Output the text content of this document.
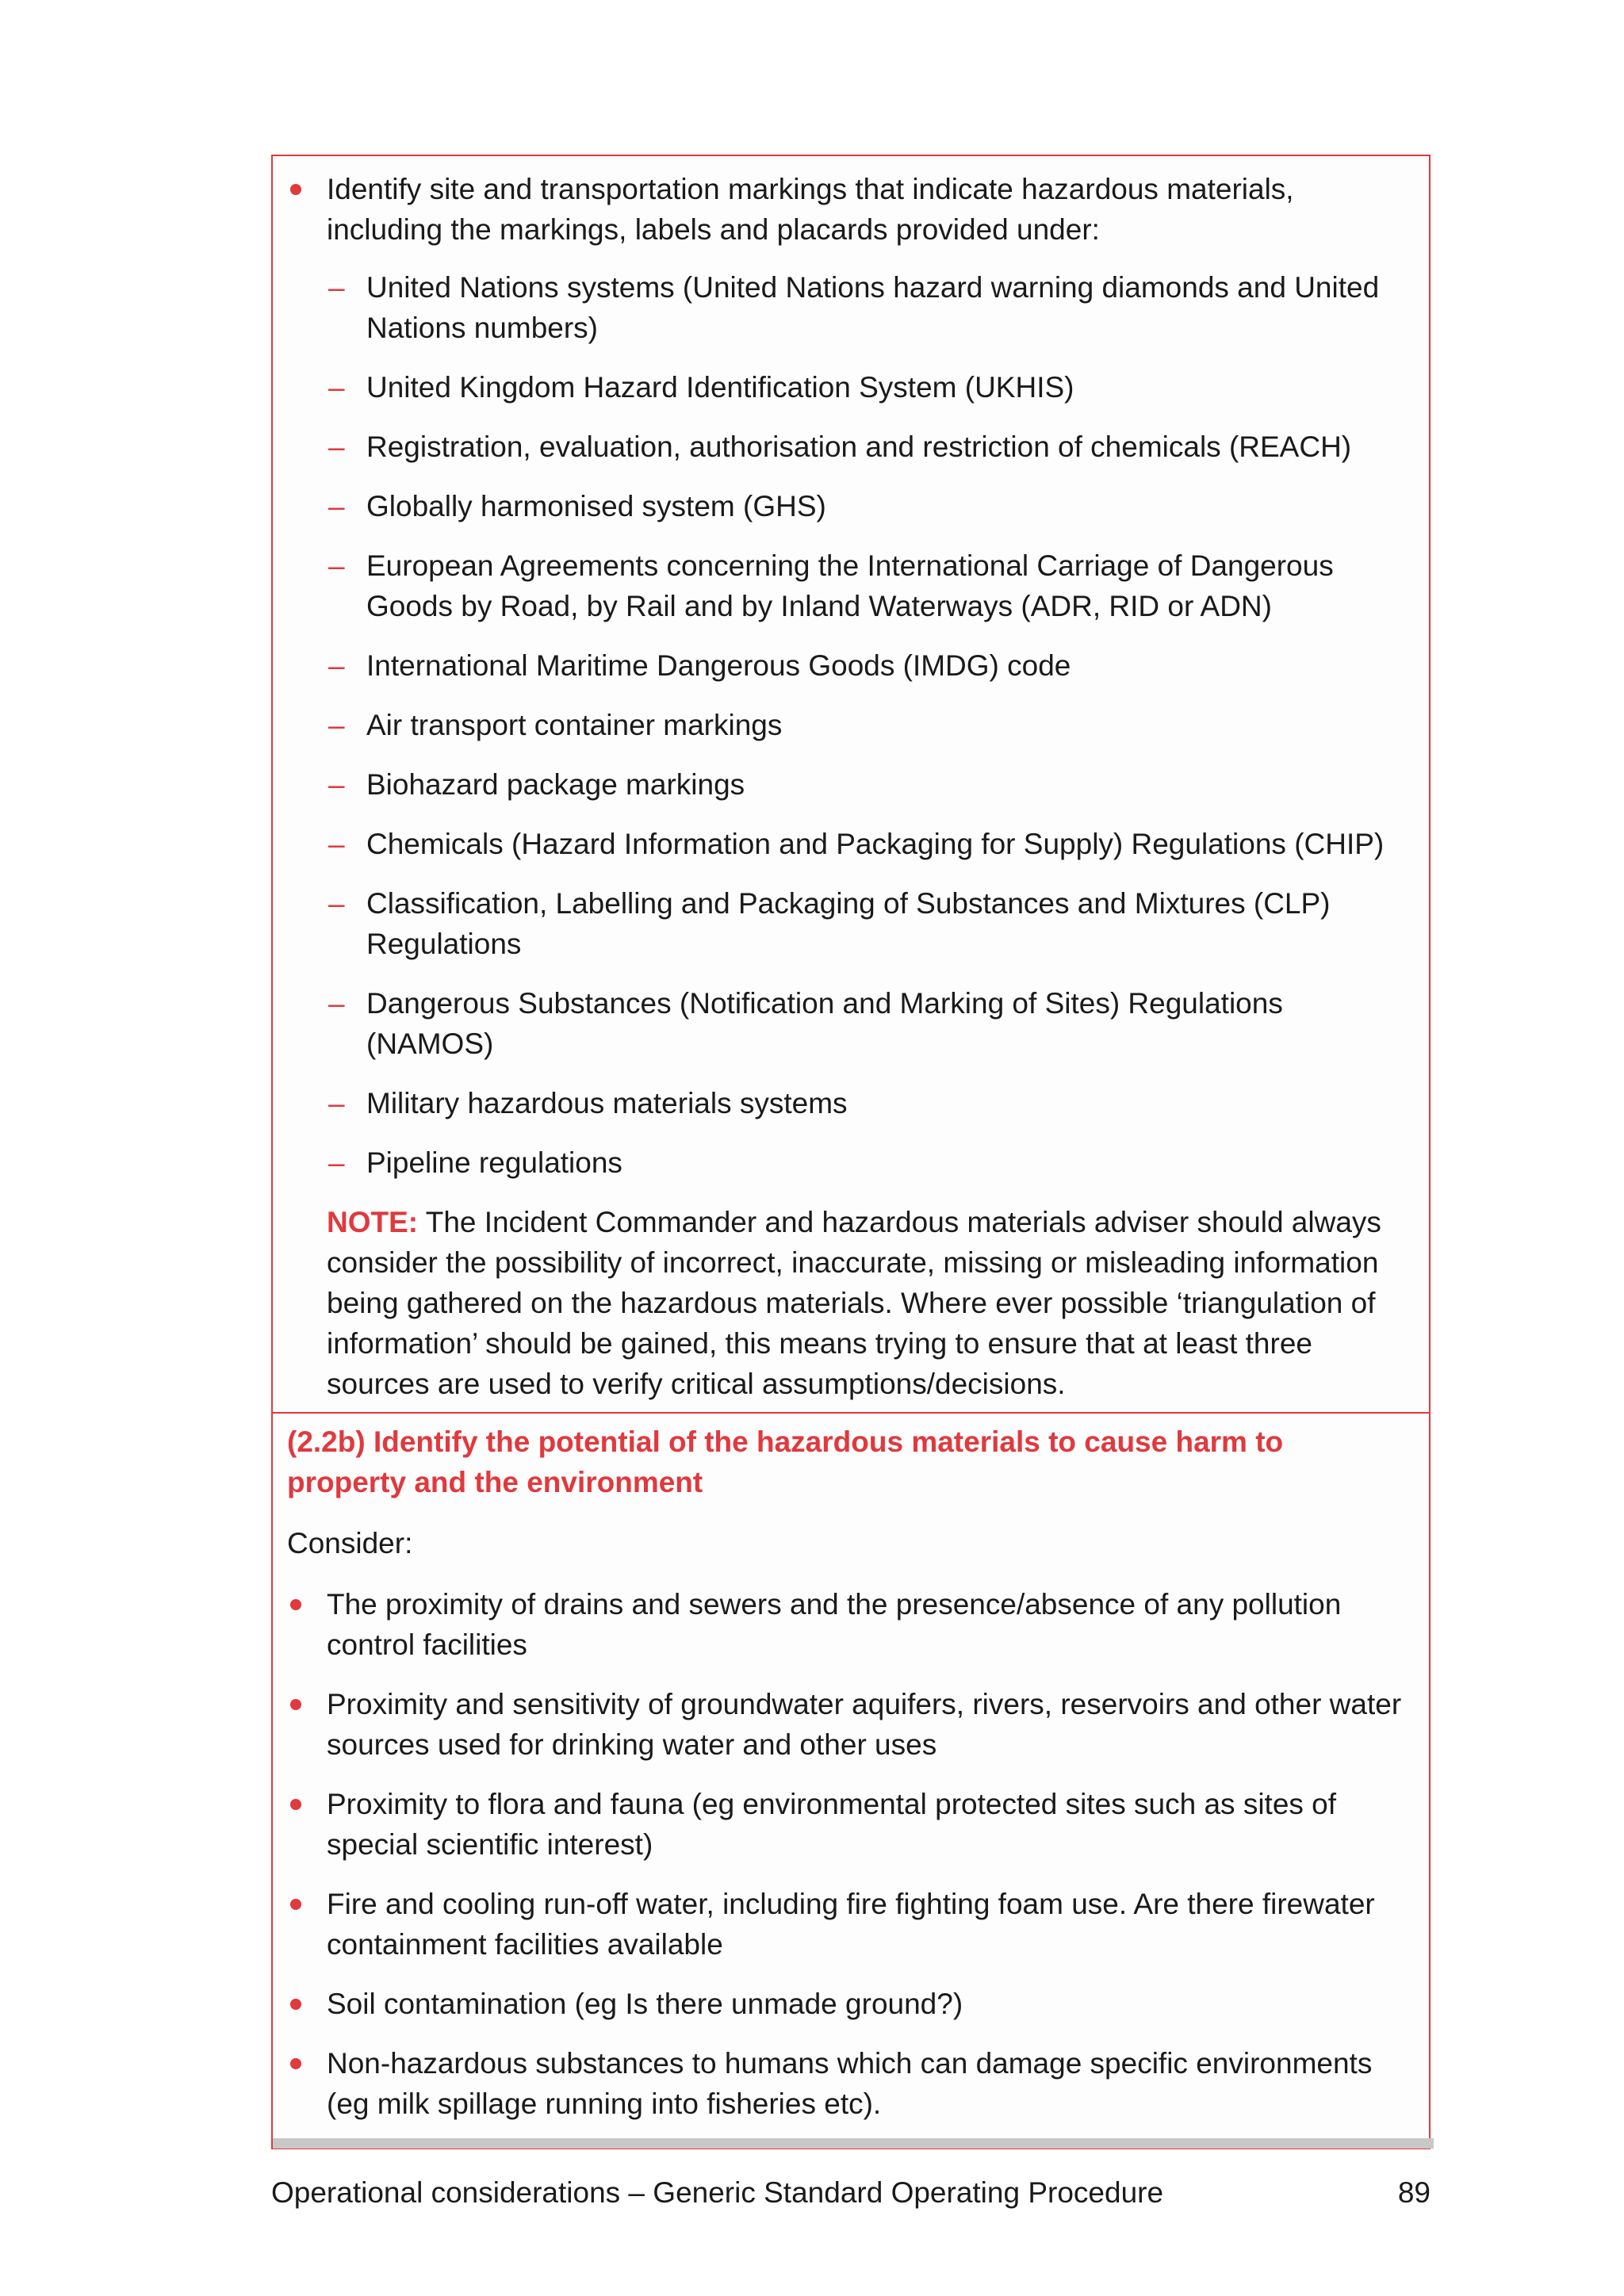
Identify site and transportation markings that indicate hazardous materials, including the markings, labels and placards provided under:
– United Nations systems (United Nations hazard warning diamonds and United Nations numbers)
– United Kingdom Hazard Identification System (UKHIS)
– Registration, evaluation, authorisation and restriction of chemicals (REACH)
– Globally harmonised system (GHS)
– European Agreements concerning the International Carriage of Dangerous Goods by Road, by Rail and by Inland Waterways (ADR, RID or ADN)
– International Maritime Dangerous Goods (IMDG) code
– Air transport container markings
– Biohazard package markings
– Chemicals (Hazard Information and Packaging for Supply) Regulations (CHIP)
– Classification, Labelling and Packaging of Substances and Mixtures (CLP) Regulations
– Dangerous Substances (Notification and Marking of Sites) Regulations (NAMOS)
– Military hazardous materials systems
– Pipeline regulations
NOTE: The Incident Commander and hazardous materials adviser should always consider the possibility of incorrect, inaccurate, missing or misleading information being gathered on the hazardous materials. Where ever possible ‘triangulation of information’ should be gained, this means trying to ensure that at least three sources are used to verify critical assumptions/decisions.

(2.2b) Identify the potential of the hazardous materials to cause harm to property and the environment

Consider:

The proximity of drains and sewers and the presence/absence of any pollution control facilities
Proximity and sensitivity of groundwater aquifers, rivers, reservoirs and other water sources used for drinking water and other uses
Proximity to flora and fauna (eg environmental protected sites such as sites of special scientific interest)
Fire and cooling run-off water, including fire fighting foam use. Are there firewater containment facilities available
Soil contamination (eg Is there unmade ground?)
Non-hazardous substances to humans which can damage specific environments (eg milk spillage running into fisheries etc).
Operational considerations – Generic Standard Operating Procedure	89
